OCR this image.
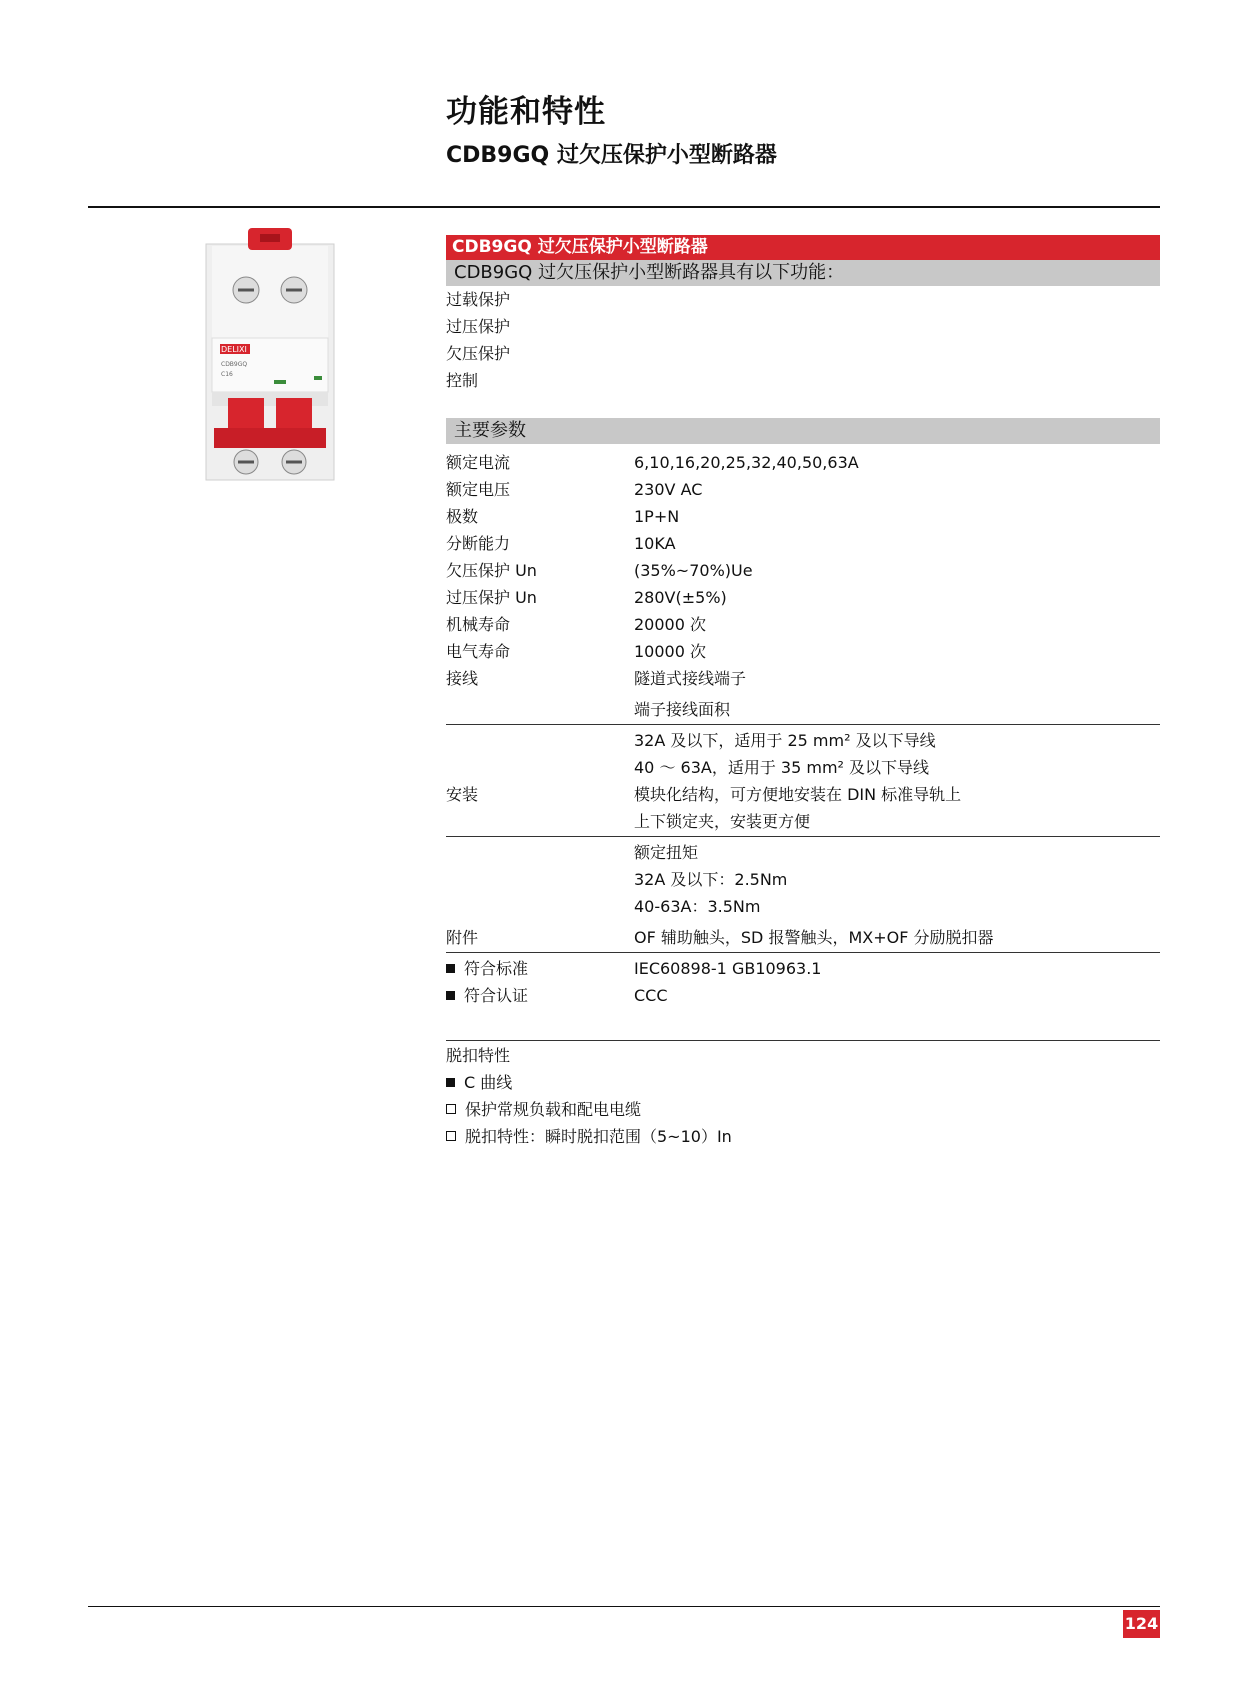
功能和特性
CDB9GQ 过欠压保护小型断路器
DELIXI
CDB9GQ
C16
CDB9GQ 过欠压保护小型断路器
CDB9GQ 过欠压保护小型断路器具有以下功能：
过载保护
过压保护
欠压保护
控制
主要参数
额定电流	6,10,16,20,25,32,40,50,63A
额定电压	230V AC
极数	1P+N
分断能力	10KA
欠压保护 Un	(35%~70%)Ue
过压保护 Un	280V(±5%)
机械寿命	20000 次
电气寿命	10000 次
接线	隧道式接线端子
端子接线面积
32A 及以下，适用于 25 mm² 及以下导线
40 ～ 63A，适用于 35 mm² 及以下导线
安装	模块化结构，可方便地安装在 DIN 标准导轨上
上下锁定夹，安装更方便
额定扭矩
32A 及以下：2.5Nm
40-63A：3.5Nm
附件	OF 辅助触头，SD 报警触头，MX+OF 分励脱扣器
符合标准	IEC60898-1 GB10963.1
符合认证	CCC
脱扣特性
C 曲线
保护常规负载和配电电缆
脱扣特性：瞬时脱扣范围（5~10）In
124
